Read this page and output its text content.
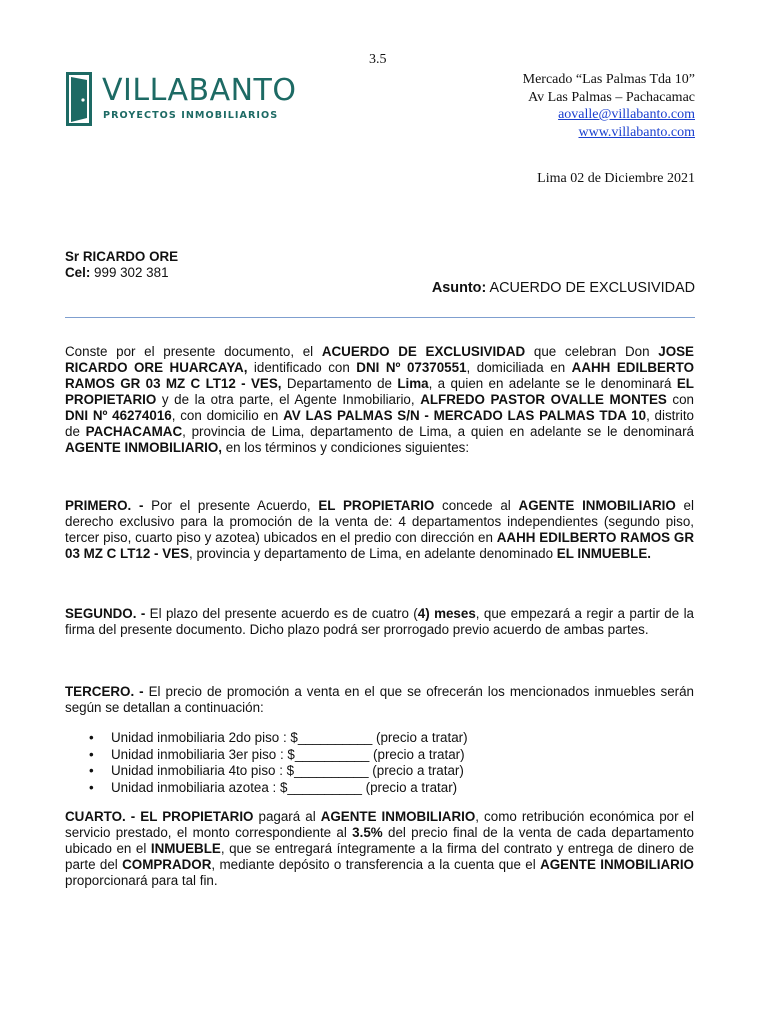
3.5
VILLABANTO
PROYECTOS INMOBILIARIOS
Mercado “Las Palmas Tda 10”
Av Las Palmas – Pachacamac
aovalle@villabanto.com
www.villabanto.com
Lima 02 de Diciembre 2021
Sr RICARDO ORE
Cel: 999 302 381
Asunto: ACUERDO DE EXCLUSIVIDAD
Conste por el presente documento, el ACUERDO DE EXCLUSIVIDAD que celebran Don JOSE RICARDO ORE HUARCAYA, identificado con DNI Nº 07370551, domiciliada en AAHH EDILBERTO RAMOS GR 03 MZ C LT12 - VES, Departamento de Lima, a quien en adelante se le denominará EL PROPIETARIO y de la otra parte, el Agente Inmobiliario, ALFREDO PASTOR OVALLE MONTES con DNI Nº 46274016, con domicilio en AV LAS PALMAS S/N - MERCADO LAS PALMAS TDA 10, distrito de PACHACAMAC, provincia de Lima, departamento de Lima, a quien en adelante se le denominará AGENTE INMOBILIARIO, en los términos y condiciones siguientes:
PRIMERO. - Por el presente Acuerdo, EL PROPIETARIO concede al AGENTE INMOBILIARIO el derecho exclusivo para la promoción de la venta de: 4 departamentos independientes (segundo piso, tercer piso, cuarto piso y azotea) ubicados en el predio con dirección en AAHH EDILBERTO RAMOS GR 03 MZ C LT12 - VES, provincia y departamento de Lima, en adelante denominado EL INMUEBLE.
SEGUNDO. - El plazo del presente acuerdo es de cuatro (4) meses, que empezará a regir a partir de la firma del presente documento. Dicho plazo podrá ser prorrogado previo acuerdo de ambas partes.
TERCERO. - El precio de promoción a venta en el que se ofrecerán los mencionados inmuebles serán según se detallan a continuación:
• Unidad inmobiliaria 2do piso : $__________ (precio a tratar)
• Unidad inmobiliaria 3er piso : $__________ (precio a tratar)
• Unidad inmobiliaria 4to piso : $__________ (precio a tratar)
• Unidad inmobiliaria azotea : $__________ (precio a tratar)
CUARTO. - EL PROPIETARIO pagará al AGENTE INMOBILIARIO, como retribución económica por el servicio prestado, el monto correspondiente al 3.5% del precio final de la venta de cada departamento ubicado en el INMUEBLE, que se entregará íntegramente a la firma del contrato y entrega de dinero de parte del COMPRADOR, mediante depósito o transferencia a la cuenta que el AGENTE INMOBILIARIO proporcionará para tal fin.
